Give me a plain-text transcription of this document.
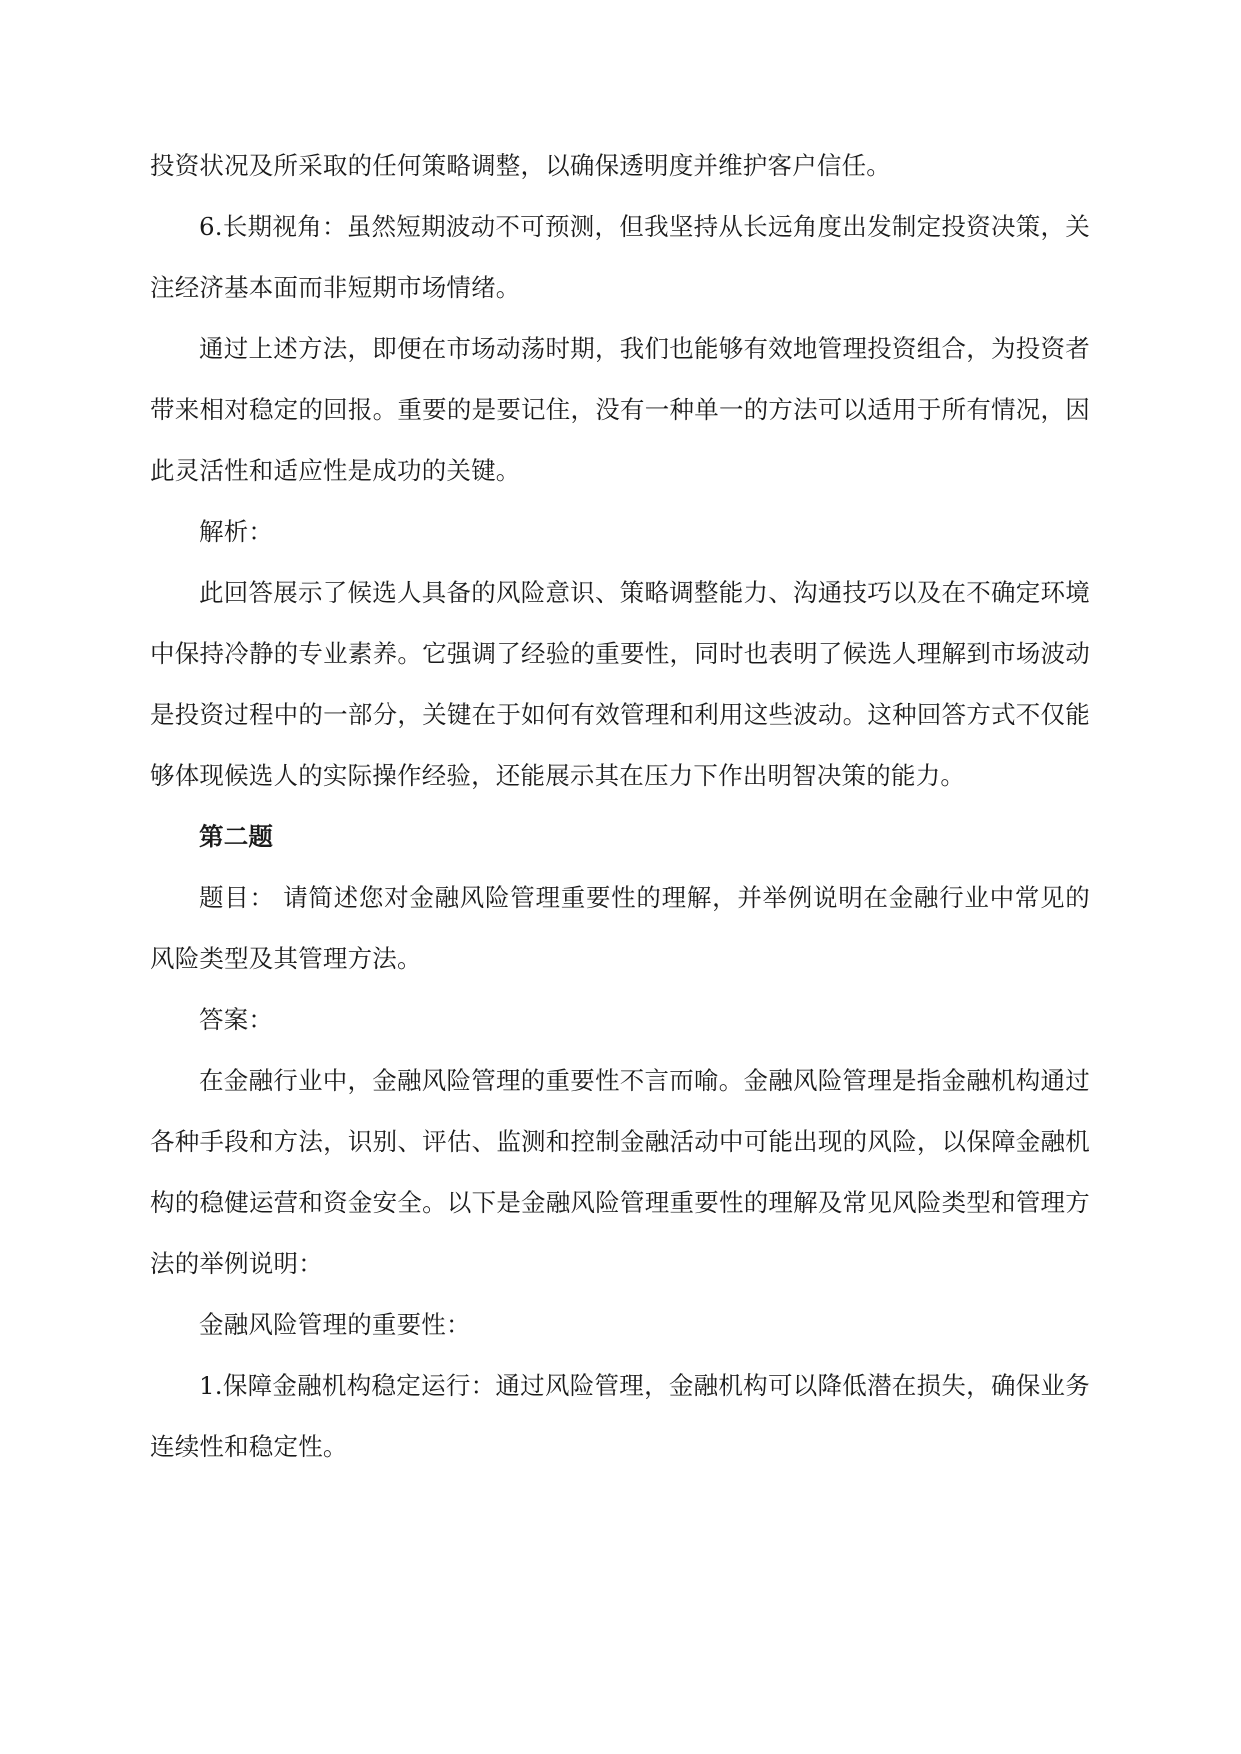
投资状况及所采取的任何策略调整，以确保透明度并维护客户信任。

6.长期视角：虽然短期波动不可预测，但我坚持从长远角度出发制定投资决策，关注经济基本面而非短期市场情绪。

通过上述方法，即便在市场动荡时期，我们也能够有效地管理投资组合，为投资者带来相对稳定的回报。重要的是要记住，没有一种单一的方法可以适用于所有情况，因此灵活性和适应性是成功的关键。

解析：

此回答展示了候选人具备的风险意识、策略调整能力、沟通技巧以及在不确定环境中保持冷静的专业素养。它强调了经验的重要性，同时也表明了候选人理解到市场波动是投资过程中的一部分，关键在于如何有效管理和利用这些波动。这种回答方式不仅能够体现候选人的实际操作经验，还能展示其在压力下作出明智决策的能力。

第二题

题目： 请简述您对金融风险管理重要性的理解，并举例说明在金融行业中常见的风险类型及其管理方法。

答案：

在金融行业中，金融风险管理的重要性不言而喻。金融风险管理是指金融机构通过各种手段和方法，识别、评估、监测和控制金融活动中可能出现的风险，以保障金融机构的稳健运营和资金安全。以下是金融风险管理重要性的理解及常见风险类型和管理方法的举例说明：

金融风险管理的重要性：

1.保障金融机构稳定运行：通过风险管理，金融机构可以降低潜在损失，确保业务连续性和稳定性。
